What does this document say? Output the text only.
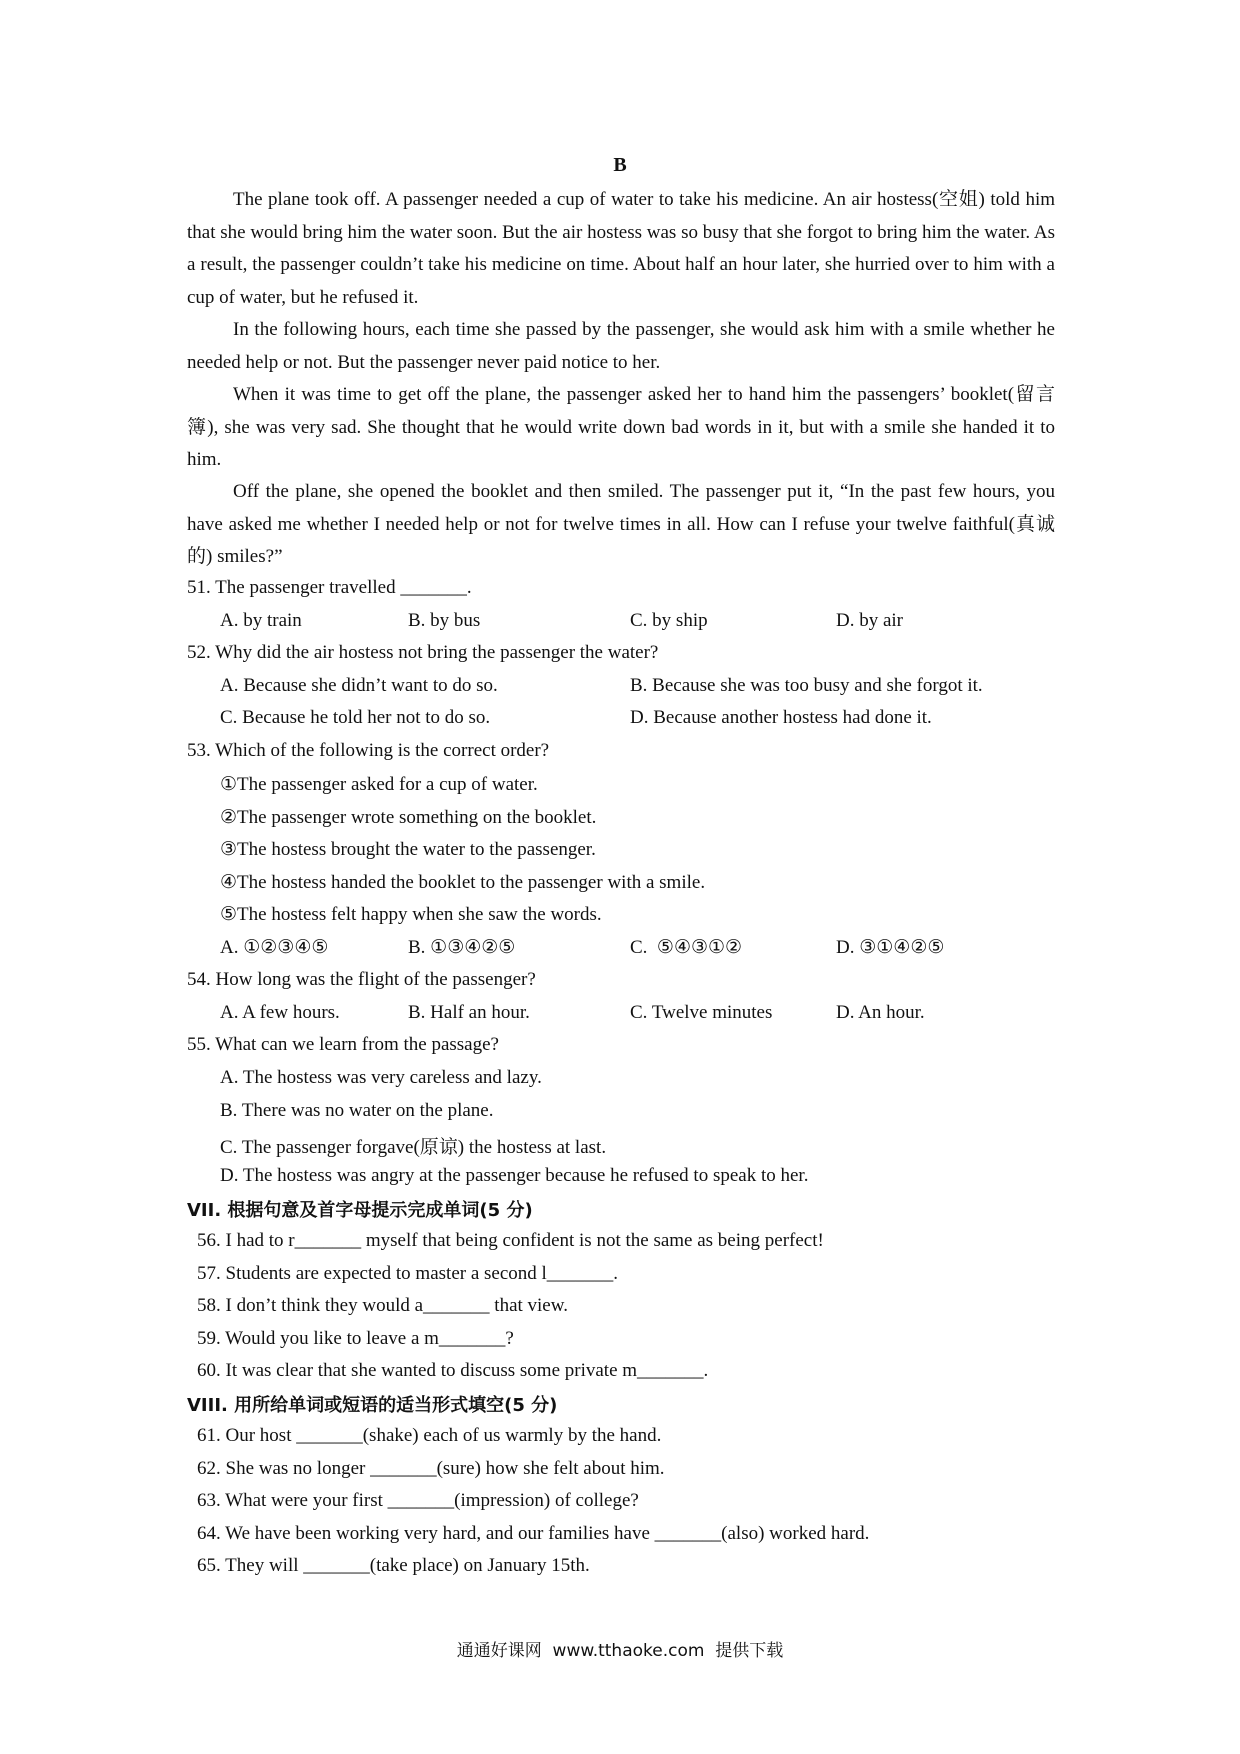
B
The plane took off. A passenger needed a cup of water to take his medicine. An air hostess(空姐) told him that she would bring him the water soon. But the air hostess was so busy that she forgot to bring him the water. As a result, the passenger couldn’t take his medicine on time. About half an hour later, she hurried over to him with a cup of water, but he refused it.
In the following hours, each time she passed by the passenger, she would ask him with a smile whether he needed help or not. But the passenger never paid notice to her.
When it was time to get off the plane, the passenger asked her to hand him the passengers’ booklet(留言簿), she was very sad. She thought that he would write down bad words in it, but with a smile she handed it to him.
Off the plane, she opened the booklet and then smiled. The passenger put it, “In the past few hours, you have asked me whether I needed help or not for twelve times in all. How can I refuse your twelve faithful(真诚的) smiles?”
51. The passenger travelled _______.
A. by train	B. by bus	C. by ship	D. by air
52. Why did the air hostess not bring the passenger the water?
A. Because she didn’t want to do so.	B. Because she was too busy and she forgot it.
C. Because he told her not to do so.	D. Because another hostess had done it.
53. Which of the following is the correct order?
①The passenger asked for a cup of water.
②The passenger wrote something on the booklet.
③The hostess brought the water to the passenger.
④The hostess handed the booklet to the passenger with a smile.
⑤The hostess felt happy when she saw the words.
A. ①②③④⑤	B. ①③④②⑤	C.  ⑤④③①②	D. ③①④②⑤
54. How long was the flight of the passenger?
A. A few hours.	B. Half an hour.	C. Twelve minutes	D. An hour.
55. What can we learn from the passage?
A. The hostess was very careless and lazy.
B. There was no water on the plane.
C. The passenger forgave(原谅) the hostess at last.
D. The hostess was angry at the passenger because he refused to speak to her.
VII. 根据句意及首字母提示完成单词(5 分)
56. I had to r_______ myself that being confident is not the same as being perfect!
57. Students are expected to master a second l_______.
58. I don’t think they would a_______ that view.
59. Would you like to leave a m_______?
60. It was clear that she wanted to discuss some private m_______.
VIII. 用所给单词或短语的适当形式填空(5 分)
61. Our host _______(shake) each of us warmly by the hand.
62. She was no longer _______(sure) how she felt about him.
63. What were your first _______(impression) of college?
64. We have been working very hard, and our families have _______(also) worked hard.
65. They will _______(take place) on January 15th.
通通好课网  www.tthaoke.com  提供下载
